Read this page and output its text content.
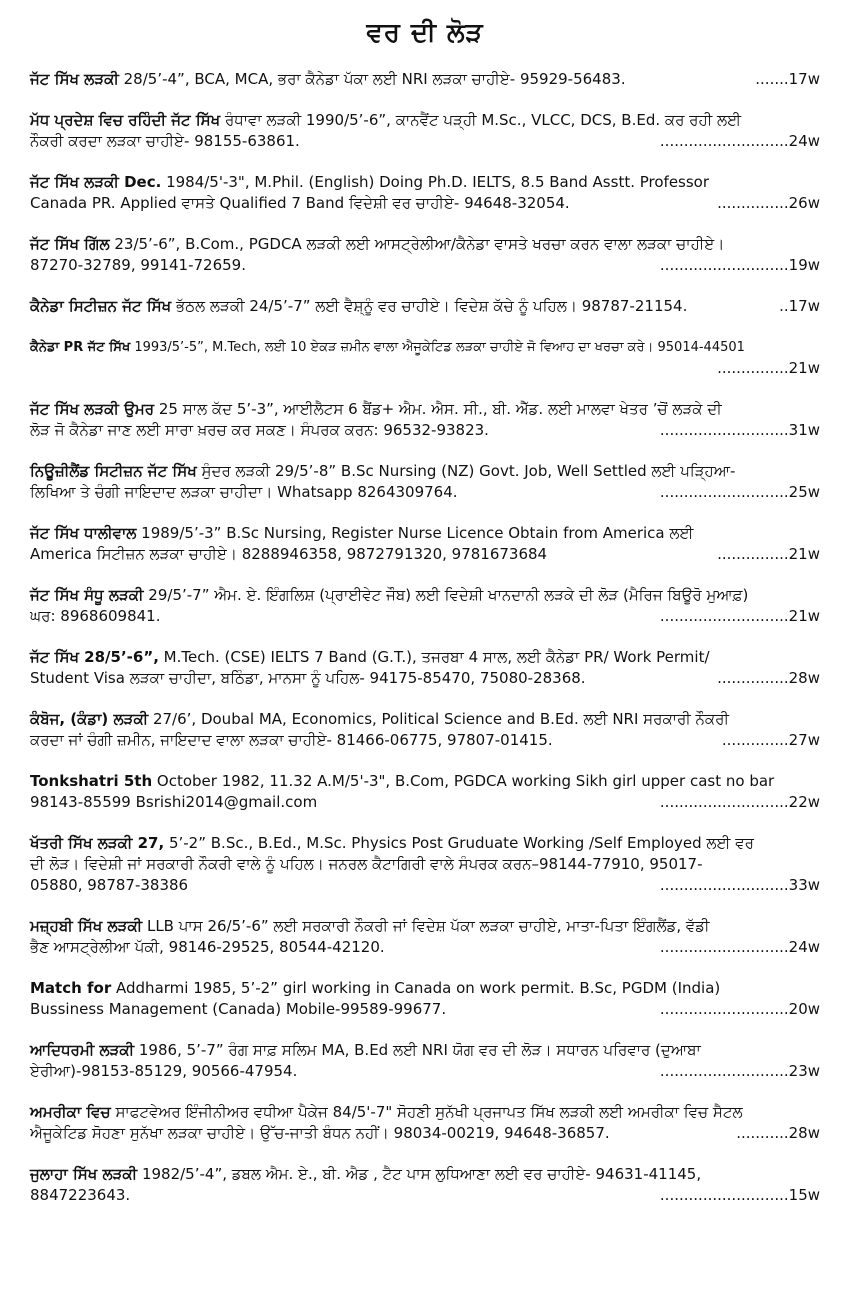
ਵਰ ਦੀ ਲੋੜ
ਜੱਟ ਸਿੱਖ ਲੜਕੀ 28/5’-4”, BCA, MCA, ਭਰਾ ਕੈਨੇਡਾ ਪੱਕਾ ਲਈ NRI ਲੜਕਾ ਚਾਹੀਏ- 95929-56483.	.......17w
ਮੱਧ ਪ੍ਰਦੇਸ਼ ਵਿਚ ਰਹਿੰਦੀ ਜੱਟ ਸਿੱਖ ਰੰਧਾਵਾ ਲੜਕੀ 1990/5’-6”, ਕਾਨਵੈਂਟ ਪੜ੍ਹੀ M.Sc., VLCC, DCS, B.Ed. ਕਰ ਰਹੀ ਲਈ
ਨੌਕਰੀ ਕਰਦਾ ਲੜਕਾ ਚਾਹੀਏ- 98155-63861.	...........................24w
ਜੱਟ ਸਿੱਖ ਲੜਕੀ Dec. 1984/5'-3", M.Phil. (English) Doing Ph.D. IELTS, 8.5 Band Asstt. Professor
Canada PR. Applied ਵਾਸਤੇ Qualified 7 Band ਵਿਦੇਸ਼ੀ ਵਰ ਚਾਹੀਏ- 94648-32054.	...............26w
ਜੱਟ ਸਿੱਖ ਗਿੱਲ 23/5’-6”, B.Com., PGDCA ਲੜਕੀ ਲਈ ਆਸਟ੍ਰੇਲੀਆ/ਕੈਨੇਡਾ ਵਾਸਤੇ ਖਰਚਾ ਕਰਨ ਵਾਲਾ ਲੜਕਾ ਚਾਹੀਏ।
87270-32789, 99141-72659.	...........................19w
ਕੈਨੇਡਾ ਸਿਟੀਜ਼ਨ ਜੱਟ ਸਿੱਖ ਭੱਠਲ ਲੜਕੀ 24/5’-7” ਲਈ ਵੈਸ਼੍ਨੂੰ ਵਰ ਚਾਹੀਏ। ਵਿਦੇਸ਼ ਕੱਚੇ ਨੂੰ ਪਹਿਲ। 98787-21154.	..17w
ਕੈਨੇਡਾ PR ਜੱਟ ਸਿੱਖ 1993/5’-5”, M.Tech, ਲਈ 10 ਏਕੜ ਜ਼ਮੀਨ ਵਾਲਾ ਐਜੂਕੇਟਿਡ ਲੜਕਾ ਚਾਹੀਏ ਜੋ ਵਿਆਹ ਦਾ ਖਰਚਾ ਕਰੇ। 95014-44501
...............21w
ਜੱਟ ਸਿੱਖ ਲੜਕੀ ਉਮਰ 25 ਸਾਲ ਕੱਦ 5’-3”, ਆਈਲੈਟਸ 6 ਬੈਂਡ+ ਐਮ. ਐਸ. ਸੀ., ਬੀ. ਐੱਡ. ਲਈ ਮਾਲਵਾ ਖੇਤਰ ’ਚੋਂ ਲੜਕੇ ਦੀ
ਲੋੜ ਜੋ ਕੈਨੇਡਾ ਜਾਣ ਲਈ ਸਾਰਾ ਖ਼ਰਚ ਕਰ ਸਕਣ। ਸੰਪਰਕ ਕਰਨ: 96532-93823.	...........................31w
ਨਿਊਜ਼ੀਲੈਂਡ ਸਿਟੀਜ਼ਨ ਜੱਟ ਸਿੱਖ ਸੁੰਦਰ ਲੜਕੀ 29/5’-8” B.Sc Nursing (NZ) Govt. Job, Well Settled ਲਈ ਪੜ੍ਹਿਆ-
ਲਿਖਿਆ ਤੇ ਚੰਗੀ ਜਾਇਦਾਦ ਲੜਕਾ ਚਾਹੀਦਾ। Whatsapp 8264309764.	...........................25w
ਜੱਟ ਸਿੱਖ ਧਾਲੀਵਾਲ 1989/5’-3” B.Sc Nursing, Register Nurse Licence Obtain from America ਲਈ
America ਸਿਟੀਜ਼ਨ ਲੜਕਾ ਚਾਹੀਏ। 8288946358, 9872791320, 9781673684	...............21w
ਜੱਟ ਸਿੱਖ ਸੰਧੂ ਲੜਕੀ 29/5’-7” ਐਮ. ਏ. ਇੰਗਲਿਸ਼ (ਪ੍ਰਾਈਵੇਟ ਜੌਬ) ਲਈ ਵਿਦੇਸ਼ੀ ਖਾਨਦਾਨੀ ਲੜਕੇ ਦੀ ਲੋੜ (ਮੈਰਿਜ ਬਿਊਰੋ ਮੁਆਫ਼)
ਘਰ: 8968609841.	...........................21w
ਜੱਟ ਸਿੱਖ 28/5’-6”, M.Tech. (CSE) IELTS 7 Band (G.T.), ਤਜਰਬਾ 4 ਸਾਲ, ਲਈ ਕੈਨੇਡਾ PR/ Work Permit/
Student Visa ਲੜਕਾ ਚਾਹੀਦਾ, ਬਠਿੰਡਾ, ਮਾਨਸਾ ਨੂੰ ਪਹਿਲ- 94175-85470, 75080-28368.	...............28w
ਕੰਬੋਜ, (ਕੰਡਾ) ਲੜਕੀ 27/6’, Doubal MA, Economics, Political Science and B.Ed. ਲਈ NRI ਸਰਕਾਰੀ ਨੌਕਰੀ
ਕਰਦਾ ਜਾਂ ਚੰਗੀ ਜ਼ਮੀਨ, ਜਾਇਦਾਦ ਵਾਲਾ ਲੜਕਾ ਚਾਹੀਏ- 81466-06775, 97807-01415.	..............27w
Tonkshatri 5th October 1982, 11.32 A.M/5'-3", B.Com, PGDCA working Sikh girl upper cast no bar
98143-85599 Bsrishi2014@gmail.com	...........................22w
ਖੱਤਰੀ ਸਿੱਖ ਲੜਕੀ 27, 5’-2” B.Sc., B.Ed., M.Sc. Physics Post Gruduate Working /Self Employed ਲਈ ਵਰ
ਦੀ ਲੋੜ। ਵਿਦੇਸ਼ੀ ਜਾਂ ਸਰਕਾਰੀ ਨੌਕਰੀ ਵਾਲੇ ਨੂੰ ਪਹਿਲ। ਜਨਰਲ ਕੈਟਾਗਿਰੀ ਵਾਲੇ ਸੰਪਰਕ ਕਰਨ–98144-77910, 95017-
05880, 98787-38386	...........................33w
ਮਜ਼੍ਹਬੀ ਸਿੱਖ ਲੜਕੀ LLB ਪਾਸ 26/5’-6” ਲਈ ਸਰਕਾਰੀ ਨੌਕਰੀ ਜਾਂ ਵਿਦੇਸ਼ ਪੱਕਾ ਲੜਕਾ ਚਾਹੀਏ, ਮਾਤਾ-ਪਿਤਾ ਇੰਗਲੈਂਡ, ਵੱਡੀ
ਭੈਣ ਆਸਟ੍ਰੇਲੀਆ ਪੱਕੀ, 98146-29525, 80544-42120.	...........................24w
Match for Addharmi 1985, 5’-2” girl working in Canada on work permit. B.Sc, PGDM (India)
Bussiness Management (Canada) Mobile-99589-99677.	...........................20w
ਆਦਿਧਰਮੀ ਲੜਕੀ 1986, 5’-7” ਰੰਗ ਸਾਫ਼ ਸਲਿਮ MA, B.Ed ਲਈ NRI ਯੋਗ ਵਰ ਦੀ ਲੋੜ। ਸਧਾਰਨ ਪਰਿਵਾਰ (ਦੁਆਬਾ
ਏਰੀਆ)-98153-85129, 90566-47954.	...........................23w
ਅਮਰੀਕਾ ਵਿਚ ਸਾਫਟਵੇਅਰ ਇੰਜੀਨੀਅਰ ਵਧੀਆ ਪੈਕੇਜ 84/5'-7" ਸੋਹਣੀ ਸੁਨੱਖੀ ਪ੍ਰਜਾਪਤ ਸਿੱਖ ਲੜਕੀ ਲਈ ਅਮਰੀਕਾ ਵਿਚ ਸੈਟਲ
ਐਜੂਕੇਟਿਡ ਸੋਹਣਾ ਸੁਨੱਖਾ ਲੜਕਾ ਚਾਹੀਏ। ਉੱਚ-ਜਾਤੀ ਬੰਧਨ ਨਹੀਂ। 98034-00219, 94648-36857.	...........28w
ਜੁਲਾਹਾ ਸਿੱਖ ਲੜਕੀ 1982/5’-4”, ਡਬਲ ਐਮ. ਏ., ਬੀ. ਐਡ , ਟੈਟ ਪਾਸ ਲੁਧਿਆਣਾ ਲਈ ਵਰ ਚਾਹੀਏ- 94631-41145,
8847223643.	...........................15w
